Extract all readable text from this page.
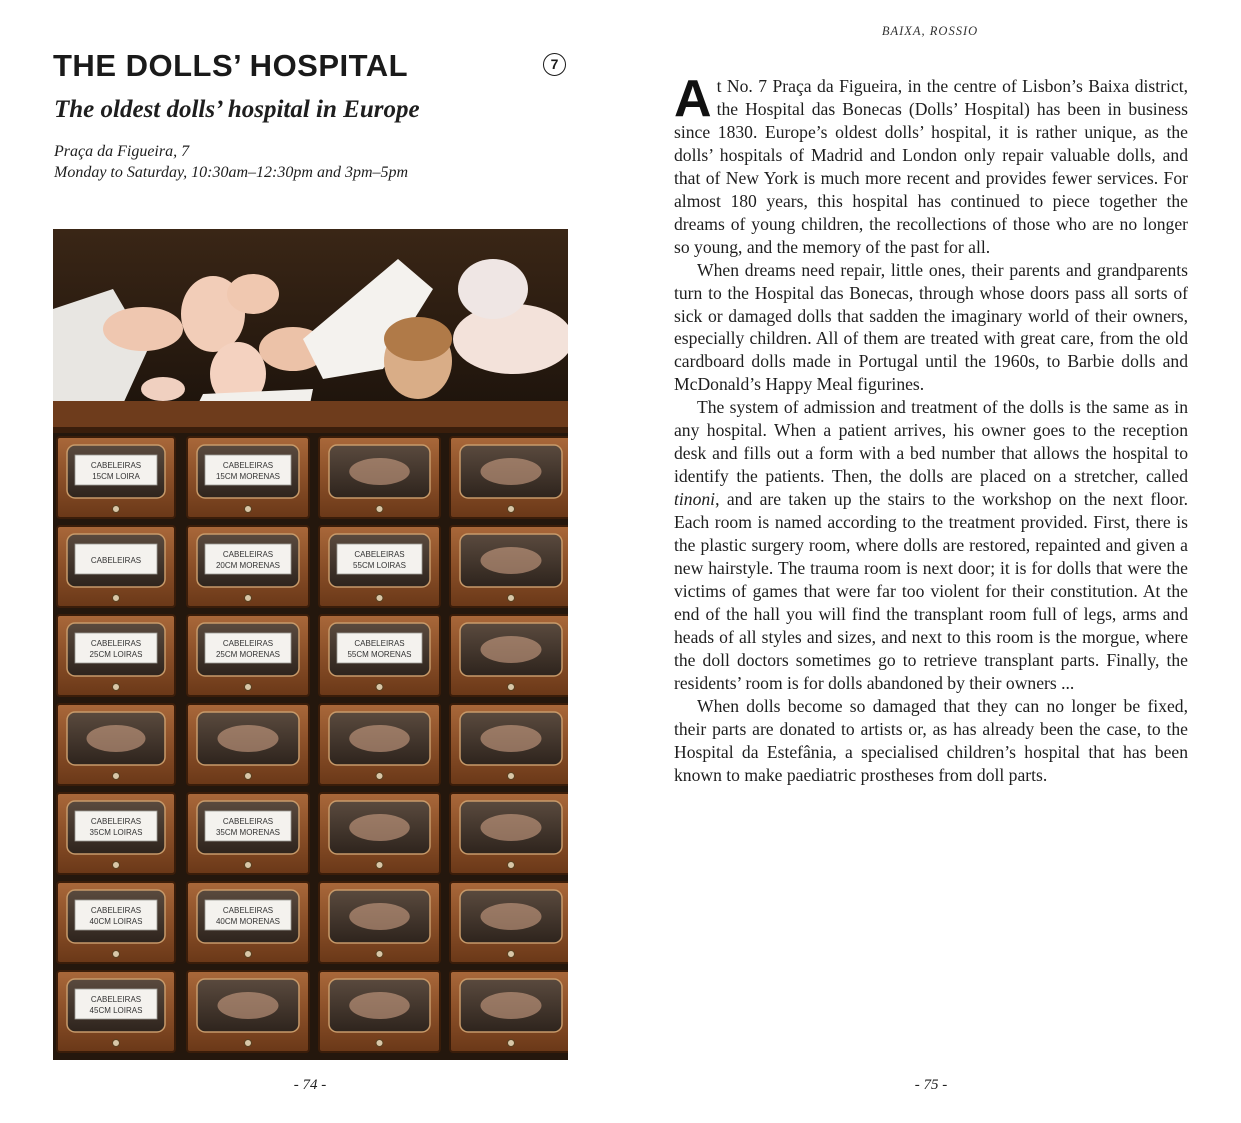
THE DOLLS’ HOSPITAL	7
The oldest dolls’ hospital in Europe
Praça da Figueira, 7
Monday to Saturday, 10:30am–12:30pm and 3pm–5pm
CABELEIRAS
15CM LOIRA
CABELEIRAS
15CM MORENAS
CABELEIRAS
CABELEIRAS
20CM MORENAS
CABELEIRAS
55CM LOIRAS
CABELEIRAS
25CM LOIRAS
CABELEIRAS
25CM MORENAS
CABELEIRAS
55CM MORENAS
CABELEIRAS
35CM LOIRAS
CABELEIRAS
35CM MORENAS
CABELEIRAS
40CM LOIRAS
CABELEIRAS
40CM MORENAS
CABELEIRAS
45CM LOIRAS
- 74 -
BAIXA, ROSSIO

At No. 7 Praça da Figueira, in the centre of Lisbon’s Baixa district, the Hospital das Bonecas (Dolls’ Hospital) has been in business since 1830. Europe’s oldest dolls’ hospital, it is rather unique, as the dolls’ hospitals of Madrid and London only repair valuable dolls, and that of New York is much more recent and provides fewer services. For almost 180 years, this hospital has continued to piece together the dreams of young children, the recollections of those who are no longer so young, and the memory of the past for all.

When dreams need repair, little ones, their parents and grandparents turn to the Hospital das Bonecas, through whose doors pass all sorts of sick or damaged dolls that sadden the imaginary world of their owners, especially children. All of them are treated with great care, from the old cardboard dolls made in Portugal until the 1960s, to Barbie dolls and McDonald’s Happy Meal figurines.

The system of admission and treatment of the dolls is the same as in any hospital. When a patient arrives, his owner goes to the reception desk and fills out a form with a bed number that allows the hospital to identify the patients. Then, the dolls are placed on a stretcher, called tinoni, and are taken up the stairs to the workshop on the next floor. Each room is named according to the treatment provided. First, there is the plastic surgery room, where dolls are restored, repainted and given a new hairstyle. The trauma room is next door; it is for dolls that were the victims of games that were far too violent for their constitution. At the end of the hall you will find the transplant room full of legs, arms and heads of all styles and sizes, and next to this room is the morgue, where the doll doctors sometimes go to retrieve transplant parts. Finally, the residents’ room is for dolls abandoned by their owners ...

When dolls become so damaged that they can no longer be fixed, their parts are donated to artists or, as has already been the case, to the Hospital da Estefânia, a specialised children’s hospital that has been known to make paediatric prostheses from doll parts.

- 75 -
